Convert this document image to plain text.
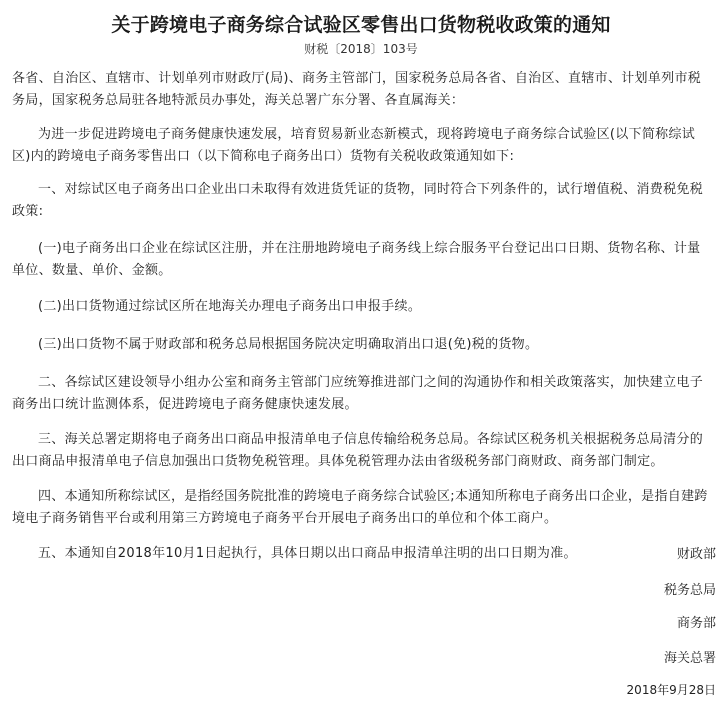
关于跨境电子商务综合试验区零售出口货物税收政策的通知
财税〔2018〕103号

各省、自治区、直辖市、计划单列市财政厅(局)、商务主管部门，国家税务总局各省、自治区、直辖市、计划单列市税务局，国家税务总局驻各地特派员办事处，海关总署广东分署、各直属海关：

为进一步促进跨境电子商务健康快速发展，培育贸易新业态新模式，现将跨境电子商务综合试验区(以下简称综试区)内的跨境电子商务零售出口（以下简称电子商务出口）货物有关税收政策通知如下:

一、对综试区电子商务出口企业出口未取得有效进货凭证的货物，同时符合下列条件的，试行增值税、消费税免税政策:

(一)电子商务出口企业在综试区注册，并在注册地跨境电子商务线上综合服务平台登记出口日期、货物名称、计量单位、数量、单价、金额。

(二)出口货物通过综试区所在地海关办理电子商务出口申报手续。

(三)出口货物不属于财政部和税务总局根据国务院决定明确取消出口退(免)税的货物。

二、各综试区建设领导小组办公室和商务主管部门应统筹推进部门之间的沟通协作和相关政策落实，加快建立电子商务出口统计监测体系，促进跨境电子商务健康快速发展。

三、海关总署定期将电子商务出口商品申报清单电子信息传输给税务总局。各综试区税务机关根据税务总局清分的出口商品申报清单电子信息加强出口货物免税管理。具体免税管理办法由省级税务部门商财政、商务部门制定。

四、本通知所称综试区，是指经国务院批准的跨境电子商务综合试验区;本通知所称电子商务出口企业，是指自建跨境电子商务销售平台或利用第三方跨境电子商务平台开展电子商务出口的单位和个体工商户。

五、本通知自2018年10月1日起执行，具体日期以出口商品申报清单注明的出口日期为准。	财政部
税务总局
商务部
海关总署
2018年9月28日
